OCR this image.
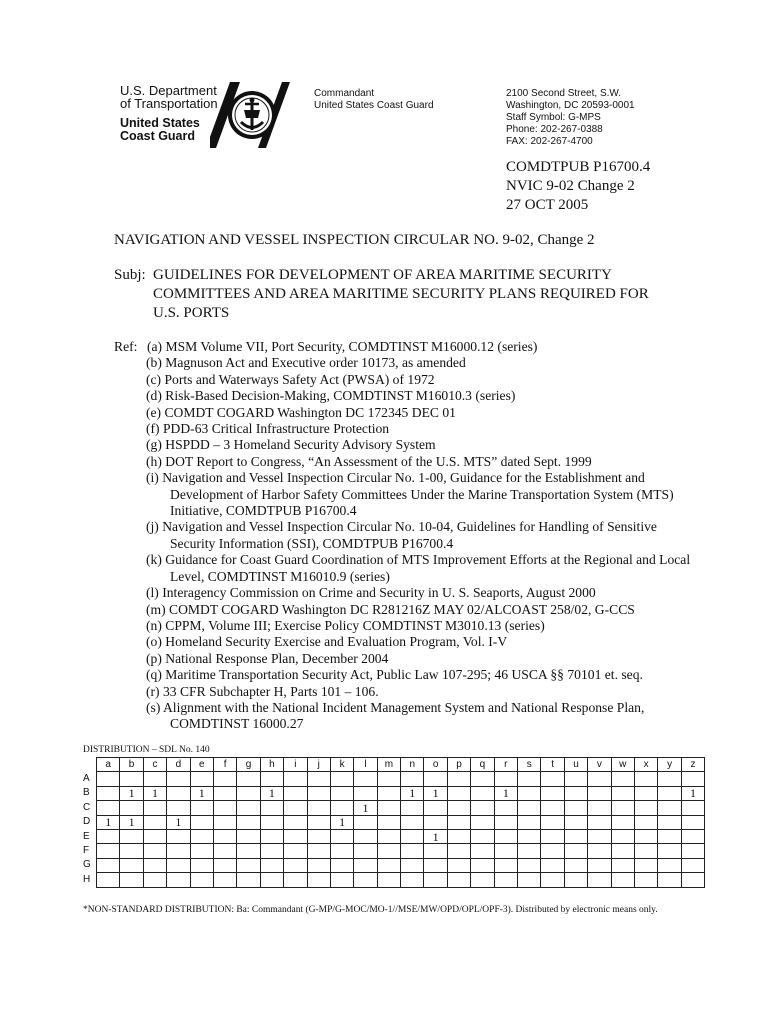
U.S. Department
of Transportation
United States
Coast Guard
Commandant
United States Coast Guard
2100 Second Street, S.W.
Washington, DC 20593-0001
Staff Symbol: G-MPS
Phone: 202-267-0388
FAX: 202-267-4700
COMDTPUB P16700.4
NVIC 9-02 Change 2
27 OCT 2005
NAVIGATION AND VESSEL INSPECTION CIRCULAR NO. 9-02, Change 2
Subj: GUIDELINES FOR DEVELOPMENT OF AREA MARITIME SECURITY
COMMITTEES AND AREA MARITIME SECURITY PLANS REQUIRED FOR
U.S. PORTS
Ref: (a) MSM Volume VII, Port Security, COMDTINST M16000.12 (series)
(b) Magnuson Act and Executive order 10173, as amended
(c) Ports and Waterways Safety Act (PWSA) of 1972
(d) Risk-Based Decision-Making, COMDTINST M16010.3 (series)
(e) COMDT COGARD Washington DC 172345 DEC 01
(f) PDD-63 Critical Infrastructure Protection
(g) HSPDD – 3 Homeland Security Advisory System
(h) DOT Report to Congress, “An Assessment of the U.S. MTS” dated Sept. 1999
(i) Navigation and Vessel Inspection Circular No. 1-00, Guidance for the Establishment and
Development of Harbor Safety Committees Under the Marine Transportation System (MTS)
Initiative, COMDTPUB P16700.4
(j) Navigation and Vessel Inspection Circular No. 10-04, Guidelines for Handling of Sensitive
Security Information (SSI), COMDTPUB P16700.4
(k) Guidance for Coast Guard Coordination of MTS Improvement Efforts at the Regional and Local
Level, COMDTINST M16010.9 (series)
(l) Interagency Commission on Crime and Security in U. S. Seaports, August 2000
(m) COMDT COGARD Washington DC R281216Z MAY 02/ALCOAST 258/02, G-CCS
(n) CPPM, Volume III; Exercise Policy COMDTINST M3010.13 (series)
(o) Homeland Security Exercise and Evaluation Program, Vol. I-V
(p) National Response Plan, December 2004
(q) Maritime Transportation Security Act, Public Law 107-295; 46 USCA §§ 70101 et. seq.
(r) 33 CFR Subchapter H, Parts 101 – 106.
(s) Alignment with the National Incident Management System and National Response Plan,
COMDTINST 16000.27
DISTRIBUTION – SDL No. 140
	a	b	c	d	e	f	g	h	i	j	k	l	m	n	o	p	q	r	s	t	u	v	w	x	y	z
A																										
B		1	1		1			1						1	1			1								1
C												1														
D	1	1		1							1															
E															1											
F																										
G																										
H																										
*NON-STANDARD DISTRIBUTION: Ba: Commandant (G-MP/G-MOC/MO-1//MSE/MW/OPD/OPL/OPF-3). Distributed by electronic means only.
